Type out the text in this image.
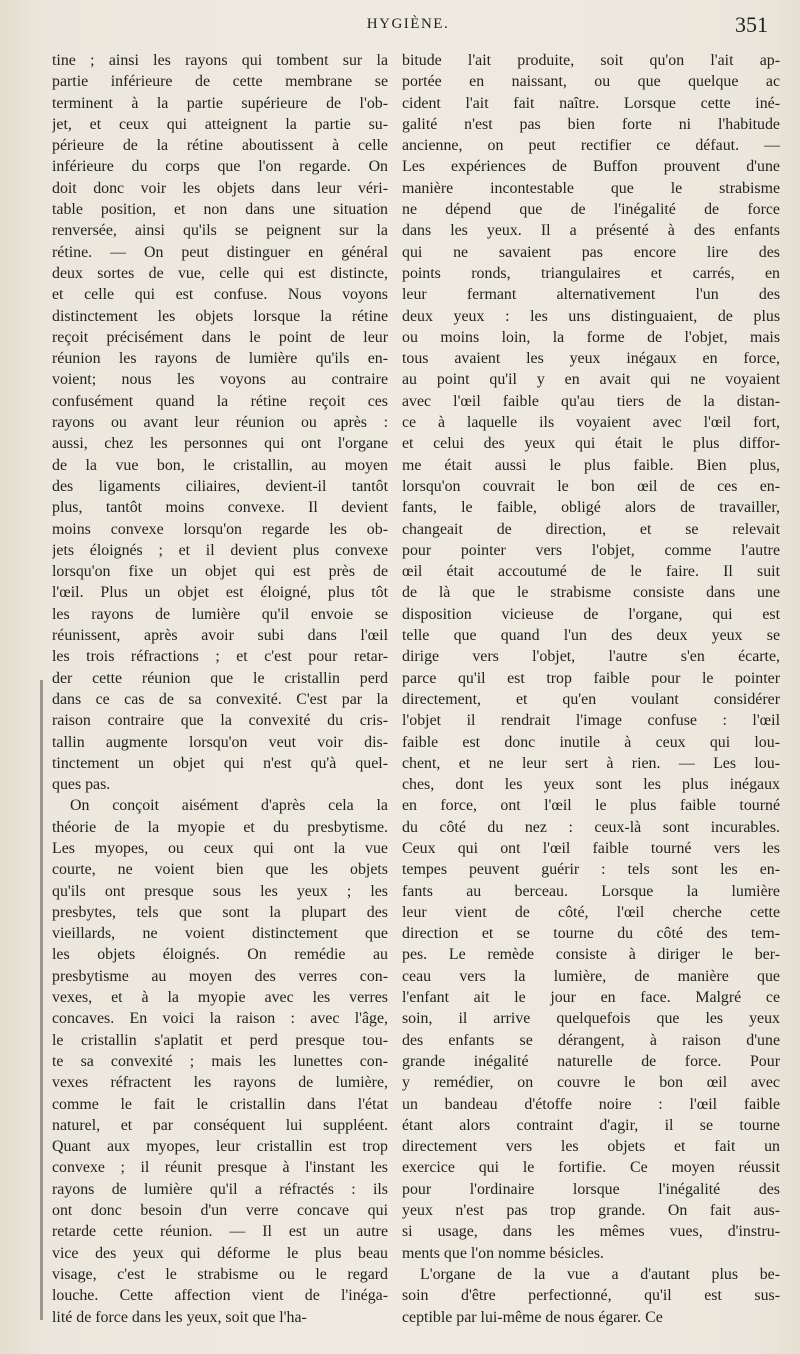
HYGIÈNE.	351
tine ; ainsi les rayons qui tombent sur la
partie inférieure de cette membrane se
terminent à la partie supérieure de l'ob-
jet, et ceux qui atteignent la partie su-
périeure de la rétine aboutissent à celle
inférieure du corps que l'on regarde. On
doit donc voir les objets dans leur véri-
table position, et non dans une situation
renversée, ainsi qu'ils se peignent sur la
rétine. — On peut distinguer en général
deux sortes de vue, celle qui est distincte,
et celle qui est confuse. Nous voyons
distinctement les objets lorsque la rétine
reçoit précisément dans le point de leur
réunion les rayons de lumière qu'ils en-
voient; nous les voyons au contraire
confusément quand la rétine reçoit ces
rayons ou avant leur réunion ou après :
aussi, chez les personnes qui ont l'organe
de la vue bon, le cristallin, au moyen
des ligaments ciliaires, devient-il tantôt
plus, tantôt moins convexe. Il devient
moins convexe lorsqu'on regarde les ob-
jets éloignés ; et il devient plus convexe
lorsqu'on fixe un objet qui est près de
l'œil. Plus un objet est éloigné, plus tôt
les rayons de lumière qu'il envoie se
réunissent, après avoir subi dans l'œil
les trois réfractions ; et c'est pour retar-
der cette réunion que le cristallin perd
dans ce cas de sa convexité. C'est par la
raison contraire que la convexité du cris-
tallin augmente lorsqu'on veut voir dis-
tinctement un objet qui n'est qu'à quel-
ques pas.
On conçoit aisément d'après cela la
théorie de la myopie et du presbytisme.
Les myopes, ou ceux qui ont la vue
courte, ne voient bien que les objets
qu'ils ont presque sous les yeux ; les
presbytes, tels que sont la plupart des
vieillards, ne voient distinctement que
les objets éloignés. On remédie au
presbytisme au moyen des verres con-
vexes, et à la myopie avec les verres
concaves. En voici la raison : avec l'âge,
le cristallin s'aplatit et perd presque tou-
te sa convexité ; mais les lunettes con-
vexes réfractent les rayons de lumière,
comme le fait le cristallin dans l'état
naturel, et par conséquent lui suppléent.
Quant aux myopes, leur cristallin est trop
convexe ; il réunit presque à l'instant les
rayons de lumière qu'il a réfractés : ils
ont donc besoin d'un verre concave qui
retarde cette réunion. — Il est un autre
vice des yeux qui déforme le plus beau
visage, c'est le strabisme ou le regard
louche. Cette affection vient de l'inéga-
lité de force dans les yeux, soit que l'ha-
bitude l'ait produite, soit qu'on l'ait ap-
portée en naissant, ou que quelque ac
cident l'ait fait naître. Lorsque cette iné-
galité n'est pas bien forte ni l'habitude
ancienne, on peut rectifier ce défaut. —
Les expériences de Buffon prouvent d'une
manière incontestable que le strabisme
ne dépend que de l'inégalité de force
dans les yeux. Il a présenté à des enfants
qui ne savaient pas encore lire des
points ronds, triangulaires et carrés, en
leur fermant alternativement l'un des
deux yeux : les uns distinguaient, de plus
ou moins loin, la forme de l'objet, mais
tous avaient les yeux inégaux en force,
au point qu'il y en avait qui ne voyaient
avec l'œil faible qu'au tiers de la distan-
ce à laquelle ils voyaient avec l'œil fort,
et celui des yeux qui était le plus diffor-
me était aussi le plus faible. Bien plus,
lorsqu'on couvrait le bon œil de ces en-
fants, le faible, obligé alors de travailler,
changeait de direction, et se relevait
pour pointer vers l'objet, comme l'autre
œil était accoutumé de le faire. Il suit
de là que le strabisme consiste dans une
disposition vicieuse de l'organe, qui est
telle que quand l'un des deux yeux se
dirige vers l'objet, l'autre s'en écarte,
parce qu'il est trop faible pour le pointer
directement, et qu'en voulant considérer
l'objet il rendrait l'image confuse : l'œil
faible est donc inutile à ceux qui lou-
chent, et ne leur sert à rien. — Les lou-
ches, dont les yeux sont les plus inégaux
en force, ont l'œil le plus faible tourné
du côté du nez : ceux-là sont incurables.
Ceux qui ont l'œil faible tourné vers les
tempes peuvent guérir : tels sont les en-
fants au berceau. Lorsque la lumière
leur vient de côté, l'œil cherche cette
direction et se tourne du côté des tem-
pes. Le remède consiste à diriger le ber-
ceau vers la lumière, de manière que
l'enfant ait le jour en face. Malgré ce
soin, il arrive quelquefois que les yeux
des enfants se dérangent, à raison d'une
grande inégalité naturelle de force. Pour
y remédier, on couvre le bon œil avec
un bandeau d'étoffe noire : l'œil faible
étant alors contraint d'agir, il se tourne
directement vers les objets et fait un
exercice qui le fortifie. Ce moyen réussit
pour l'ordinaire lorsque l'inégalité des
yeux n'est pas trop grande. On fait aus-
si usage, dans les mêmes vues, d'instru-
ments que l'on nomme bésicles.
L'organe de la vue a d'autant plus be-
soin d'être perfectionné, qu'il est sus-
ceptible par lui-même de nous égarer. Ce
